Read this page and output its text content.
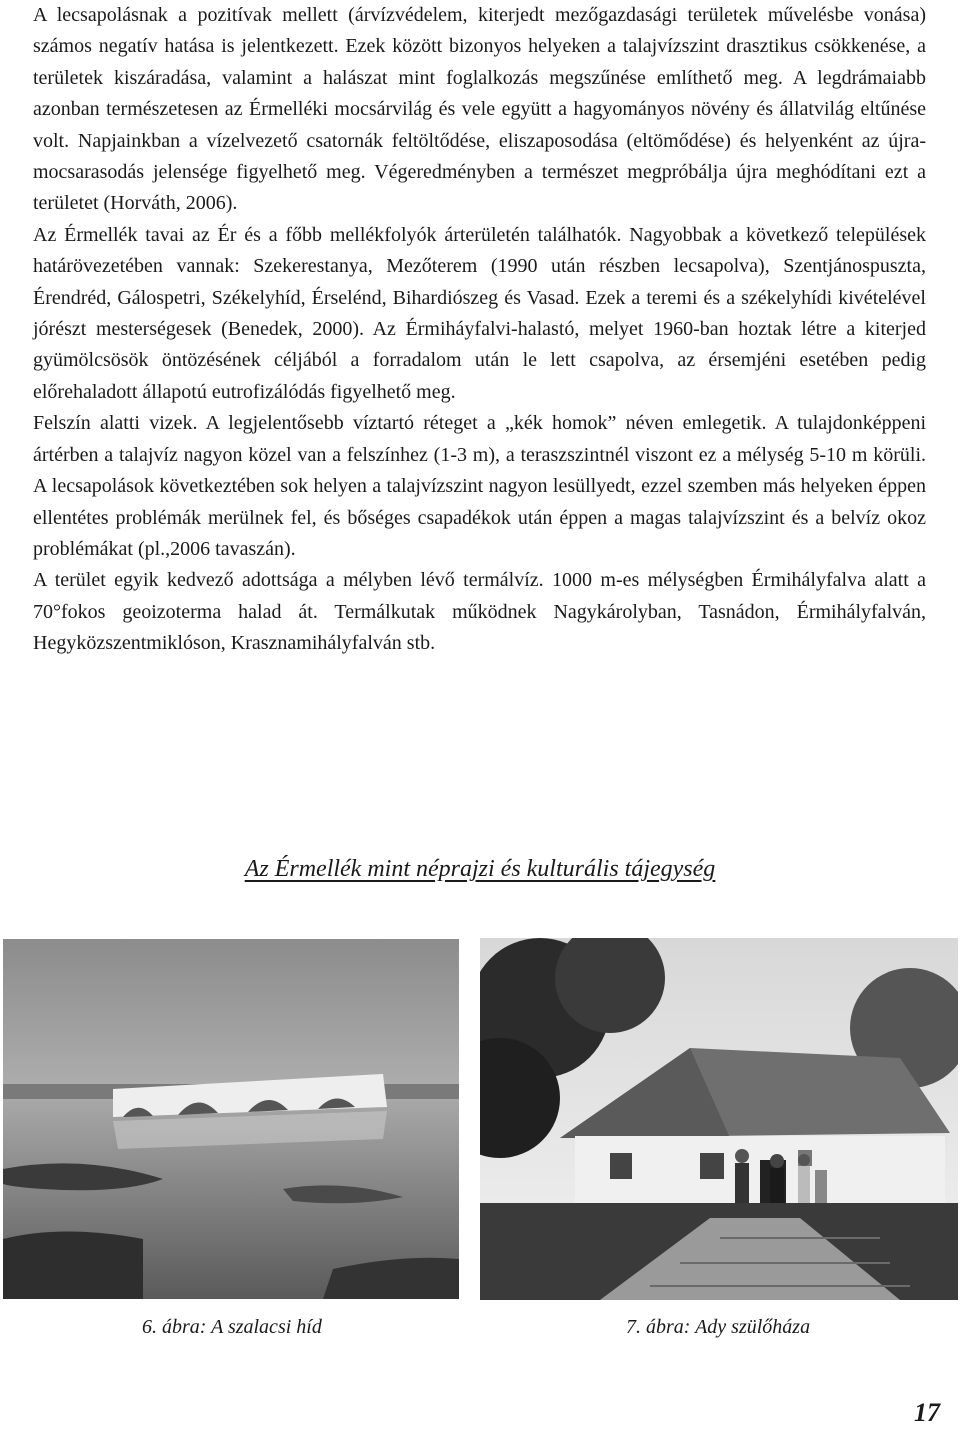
A lecsapolásnak a pozitívak mellett (árvízvédelem, kiterjedt mezőgazdasági területek művelésbe vonása) számos negatív hatása is jelentkezett. Ezek között bizonyos helyeken a talajvízszint drasztikus csökkenése, a területek kiszáradása, valamint a halászat mint foglalkozás megszűnése említhető meg. A legdrámaiabb azonban természetesen az Érmelléki mocsárvilág és vele együtt a hagyományos növény és állatvilág eltűnése volt. Napjainkban a vízelvezető csatornák feltöltődése, eliszaposodása (eltömődése) és helyenként az újra-mocsarasodás jelensége figyelhető meg. Végeredményben a természet megpróbálja újra meghódítani ezt a területet (Horváth, 2006).

Az Érmellék tavai az Ér és a főbb mellékfolyók árterületén találhatók. Nagyobbak a következő települések határövezetében vannak: Szekerestanya, Mezőterem (1990 után részben lecsapolva), Szentjánospuszta, Érendréd, Gálospetri, Székelyhíd, Érselénd, Bihardiószeg és Vasad. Ezek a teremi és a székelyhídi kivételével jórészt mesterségesek (Benedek, 2000). Az Érmiháyfalvi-halastó, melyet 1960-ban hoztak létre a kiterjed gyümölcsösök öntözésének céljából a forradalom után le lett csapolva, az érsemjéni esetében pedig előrehaladott állapotú eutrofizálódás figyelhető meg.

Felszín alatti vizek. A legjelentősebb víztartó réteget a „kék homok” néven emlegetik. A tulajdonképpeni ártérben a talajvíz nagyon közel van a felszínhez (1-3 m), a teraszszintnél viszont ez a mélység 5-10 m körüli. A lecsapolások következtében sok helyen a talajvízszint nagyon lesüllyedt, ezzel szemben más helyeken éppen ellentétes problémák merülnek fel, és bőséges csapadékok után éppen a magas talajvízszint és a belvíz okoz problémákat (pl.,2006 tavaszán).

A terület egyik kedvező adottsága a mélyben lévő termálvíz. 1000 m-es mélységben Érmihályfalva alatt a 70°fokos geoizoterma halad át. Termálkutak működnek Nagykárolyban, Tasnádon, Érmihályfalván, Hegyközszentmiklóson, Krasznamihályfalván stb.

Az Érmellék mint néprajzi és kulturális tájegység
6. ábra: A szalacsi híd	7. ábra: Ady szülőháza
17
